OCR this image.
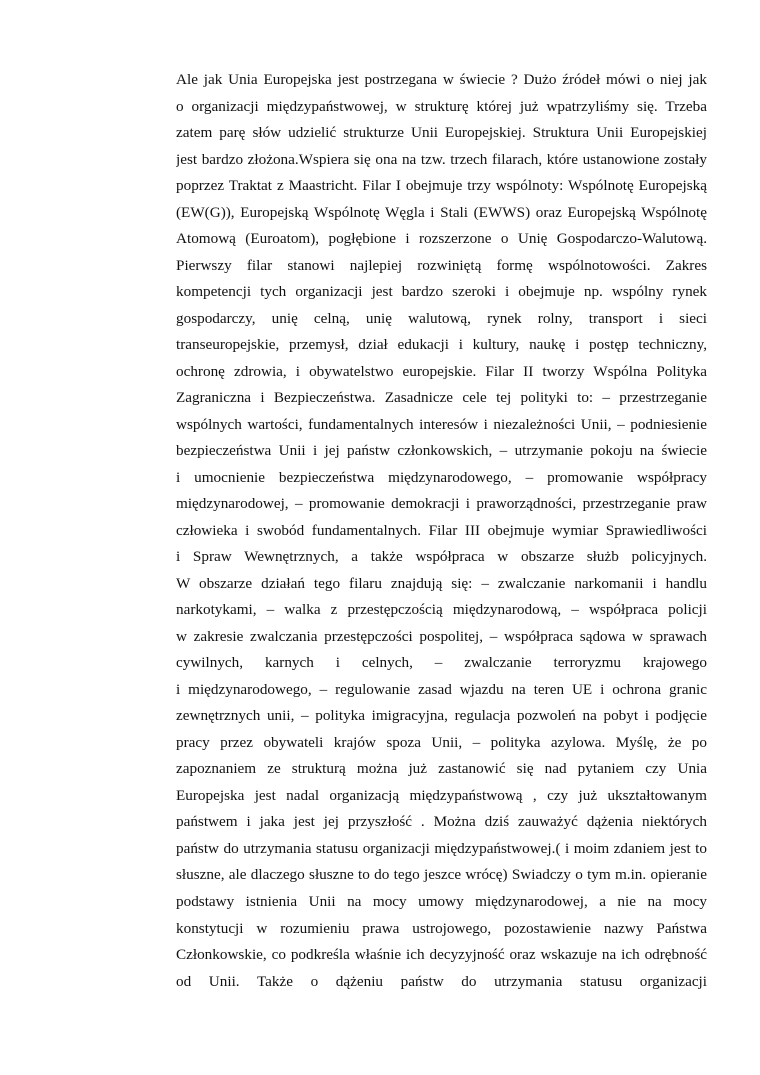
Ale jak Unia Europejska jest postrzegana w świecie ? Dużo źródeł mówi o niej jak
o organizacji międzypaństwowej, w strukturę której już wpatrzyliśmy się. Trzeba
zatem parę słów udzielić strukturze Unii Europejskiej. Struktura Unii Europejskiej
jest bardzo złożona.Wspiera się ona na tzw. trzech filarach, które ustanowione zostały
poprzez Traktat z Maastricht. Filar I obejmuje trzy wspólnoty: Wspólnotę Europejską
(EW(G)), Europejską Wspólnotę Węgla i Stali (EWWS) oraz Europejską Wspólnotę
Atomową (Euroatom), pogłębione i rozszerzone o Unię Gospodarczo-Walutową.
Pierwszy filar stanowi najlepiej rozwiniętą formę wspólnotowości. Zakres
kompetencji tych organizacji jest bardzo szeroki i obejmuje np. wspólny rynek
gospodarczy, unię celną, unię walutową, rynek rolny, transport i sieci
transeuropejskie, przemysł, dział edukacji i kultury, naukę i postęp techniczny,
ochronę zdrowia, i obywatelstwo europejskie. Filar II tworzy Wspólna Polityka
Zagraniczna i Bezpieczeństwa. Zasadnicze cele tej polityki to: – przestrzeganie
wspólnych wartości, fundamentalnych interesów i niezależności Unii, – podniesienie
bezpieczeństwa Unii i jej państw członkowskich, – utrzymanie pokoju na świecie
i umocnienie bezpieczeństwa międzynarodowego, – promowanie współpracy
międzynarodowej, – promowanie demokracji i praworządności, przestrzeganie praw
człowieka i swobód fundamentalnych. Filar III obejmuje wymiar Sprawiedliwości
i Spraw Wewnętrznych, a także współpraca w obszarze służb policyjnych.
W obszarze działań tego filaru znajdują się: – zwalczanie narkomanii i handlu
narkotykami, – walka z przestępczością międzynarodową, – współpraca policji
w zakresie zwalczania przestępczości pospolitej, – współpraca sądowa w sprawach
cywilnych, karnych i celnych, – zwalczanie terroryzmu krajowego
i międzynarodowego, – regulowanie zasad wjazdu na teren UE i ochrona granic
zewnętrznych unii, – polityka imigracyjna, regulacja pozwoleń na pobyt i podjęcie
pracy przez obywateli krajów spoza Unii, – polityka azylowa. Myślę, że po
zapoznaniem ze strukturą można już zastanowić się nad pytaniem czy Unia
Europejska jest nadal organizacją międzypaństwową , czy już ukształtowanym
państwem i jaka jest jej przyszłość . Można dziś zauważyć dążenia niektórych
państw do utrzymania statusu organizacji międzypaństwowej.( i moim zdaniem jest to
słuszne, ale dlaczego słuszne to do tego jeszce wrócę) Swiadczy o tym m.in. opieranie
podstawy istnienia Unii na mocy umowy międzynarodowej, a nie na mocy
konstytucji w rozumieniu prawa ustrojowego, pozostawienie nazwy Państwa
Członkowskie, co podkreśla właśnie ich decyzyjność oraz wskazuje na ich odrębność
od Unii. Także o dążeniu państw do utrzymania statusu organizacji
